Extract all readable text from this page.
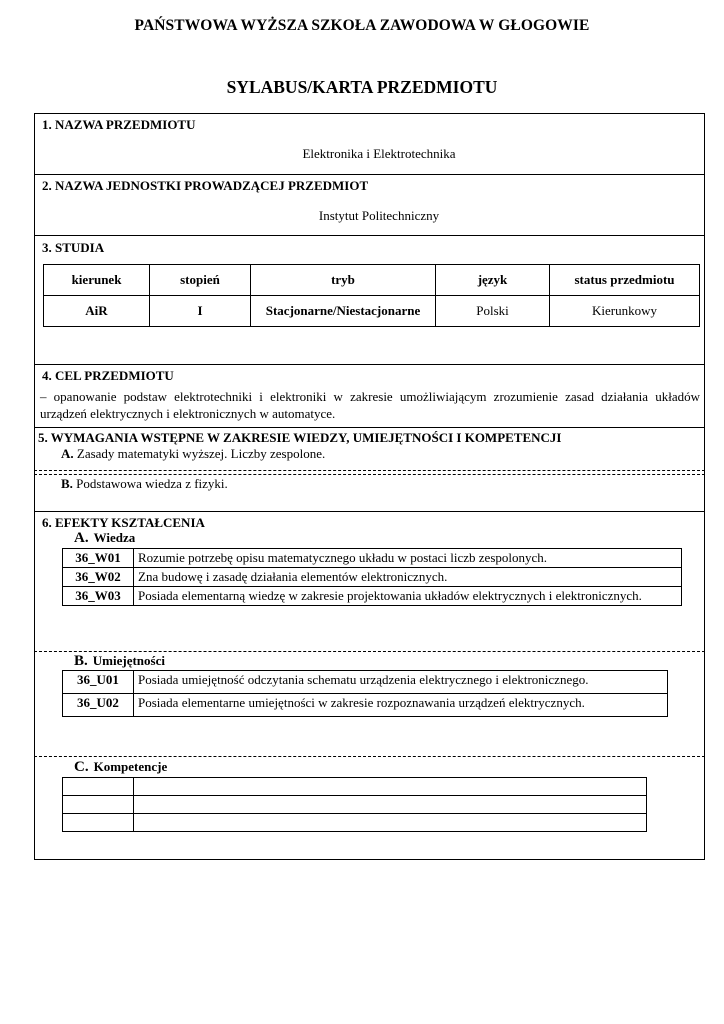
PAŃSTWOWA WYŻSZA SZKOŁA ZAWODOWA W GŁOGOWIE
SYLABUS/KARTA PRZEDMIOTU
1. NAZWA PRZEDMIOTU
Elektronika i Elektrotechnika
2. NAZWA JEDNOSTKI PROWADZĄCEJ PRZEDMIOT
Instytut Politechniczny
3. STUDIA
kierunek	stopień	tryb	język	status przedmiotu
AiR	I	Stacjonarne/Niestacjonarne	Polski	Kierunkowy
4. CEL PRZEDMIOTU
– opanowanie podstaw elektrotechniki i elektroniki w zakresie umożliwiającym zrozumienie zasad działania układów urządzeń elektrycznych i elektronicznych w automatyce.
5. WYMAGANIA WSTĘPNE W ZAKRESIE WIEDZY, UMIEJĘTNOŚCI I KOMPETENCJI
A. Zasady matematyki wyższej. Liczby zespolone.
B. Podstawowa wiedza z fizyki.
6. EFEKTY KSZTAŁCENIA
A. Wiedza
36_W01	Rozumie potrzebę opisu matematycznego układu w postaci liczb zespolonych.
36_W02	Zna budowę i zasadę działania elementów elektronicznych.
36_W03	Posiada elementarną wiedzę w zakresie projektowania układów elektrycznych i elektronicznych.
B. Umiejętności
36_U01	Posiada umiejętność odczytania schematu urządzenia elektrycznego i elektronicznego.
36_U02	Posiada elementarne umiejętności w zakresie rozpoznawania urządzeń elektrycznych.
C. Kompetencje
